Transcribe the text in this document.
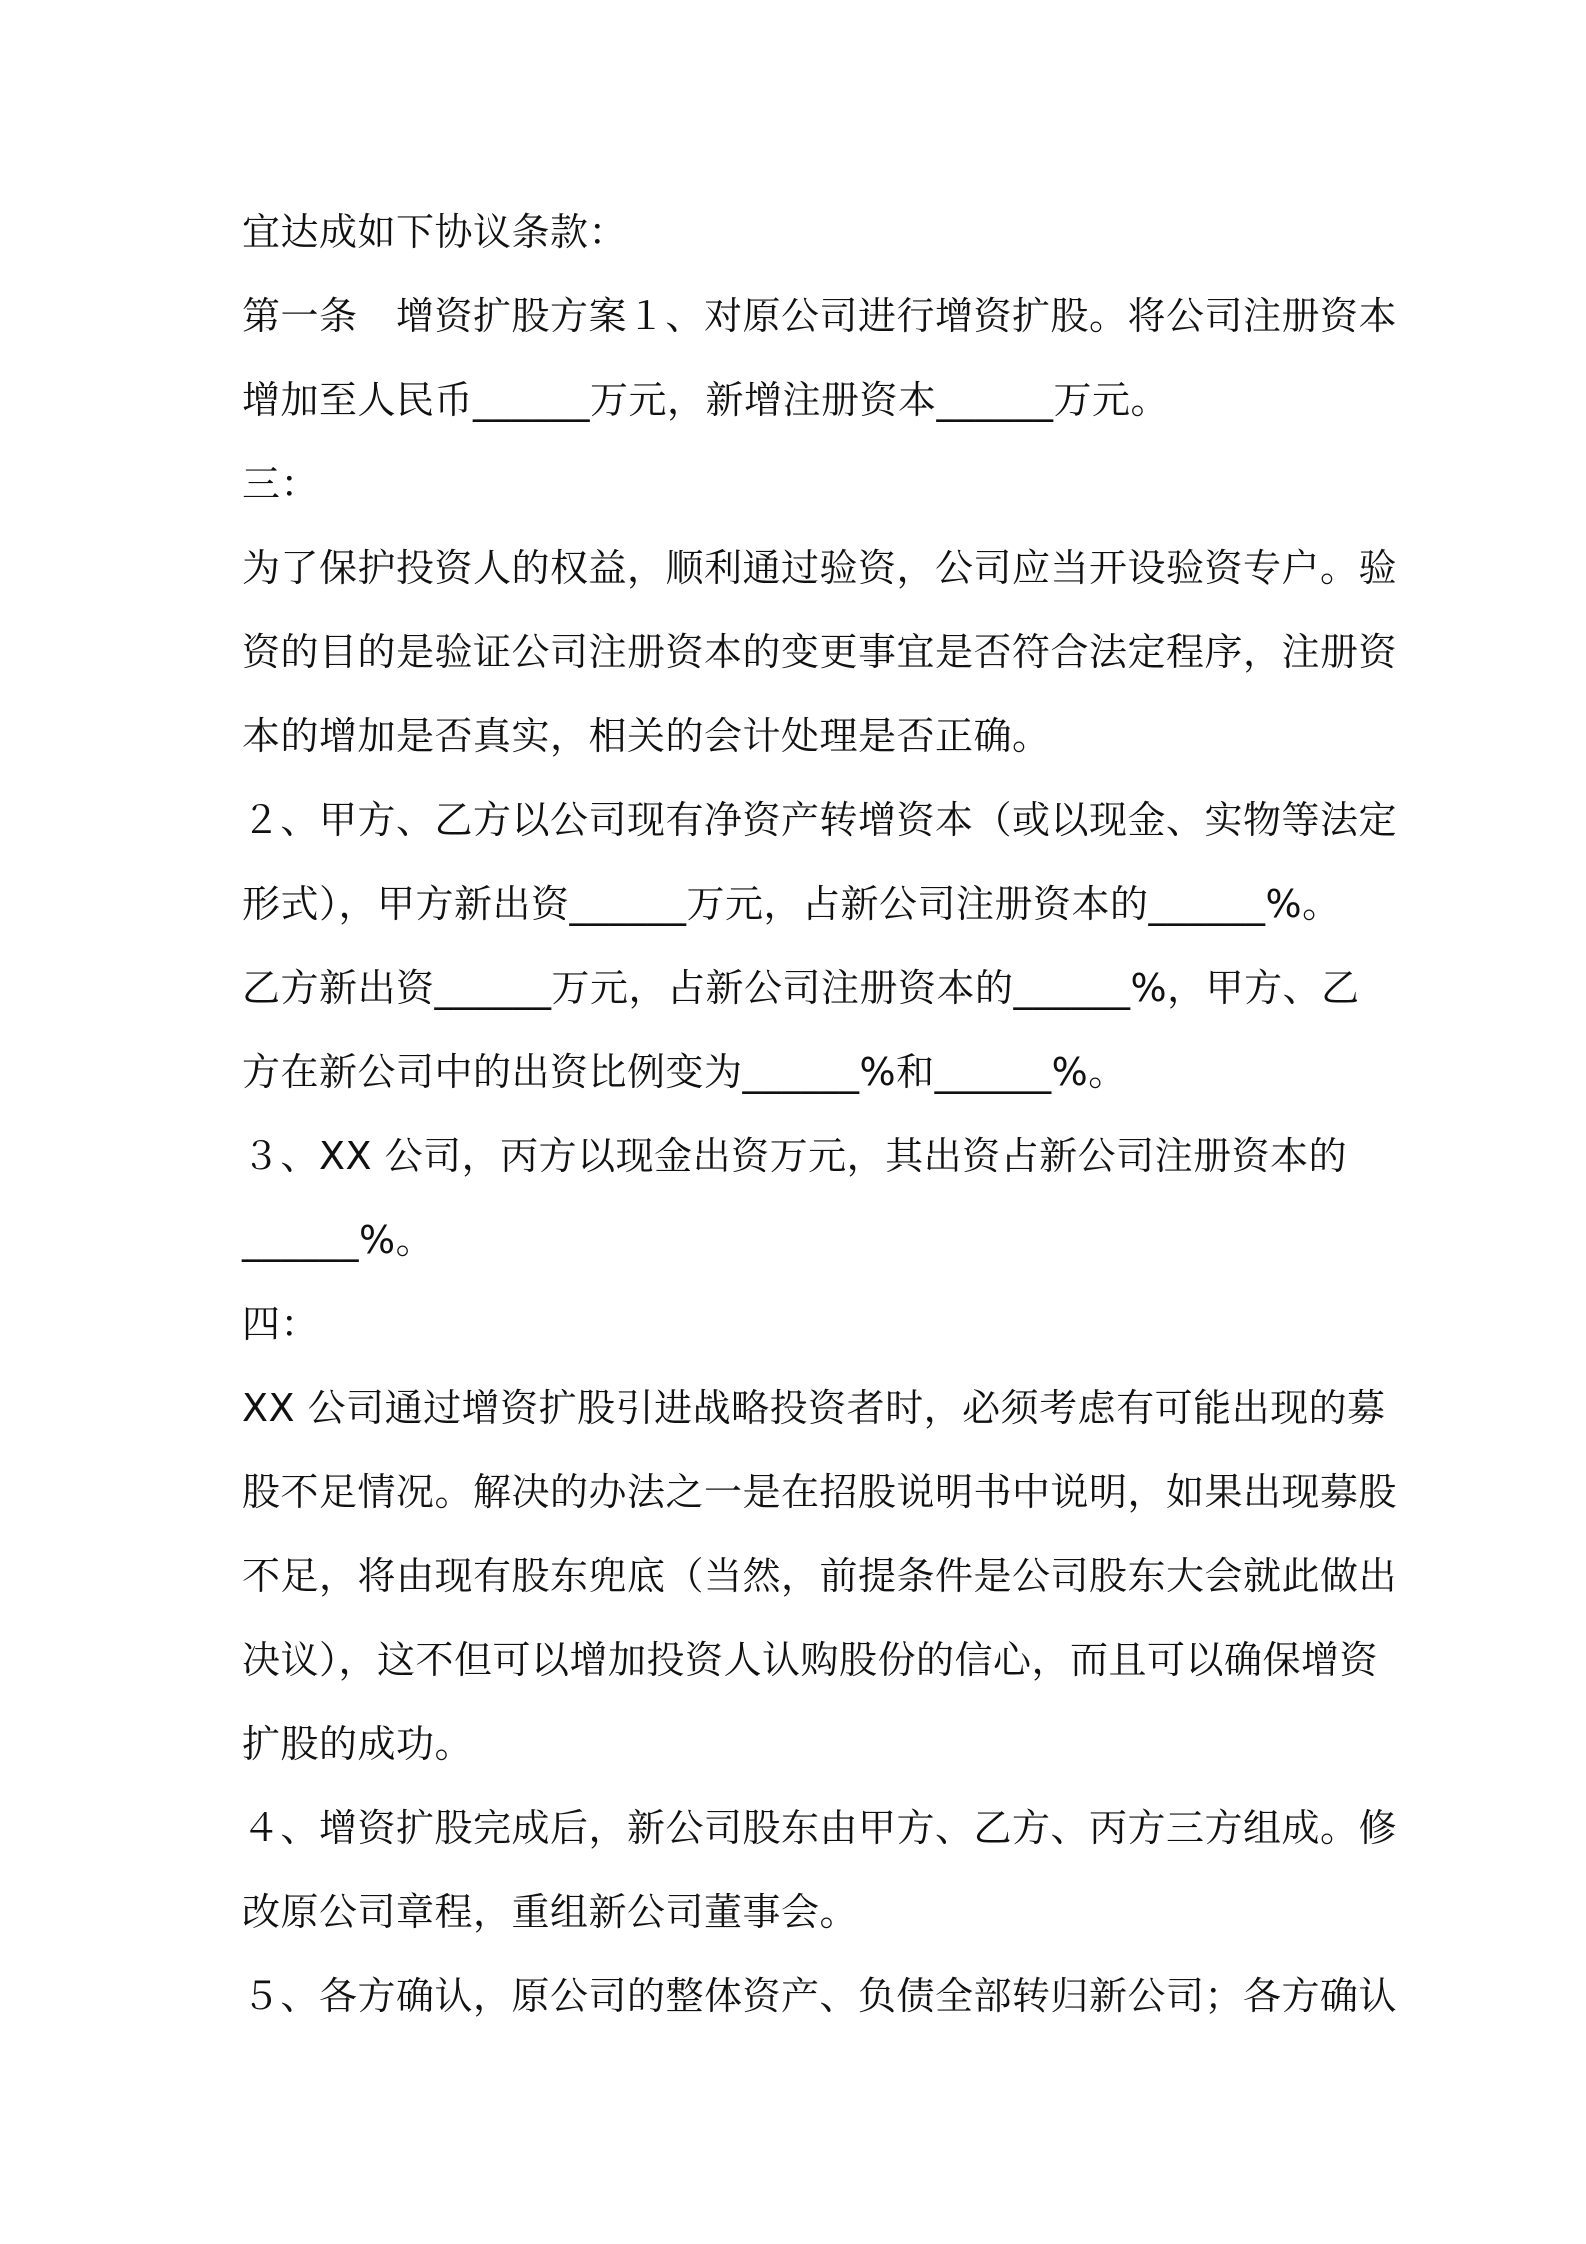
宜达成如下协议条款：
第一条　增资扩股方案１、对原公司进行增资扩股。将公司注册资本
增加至人民币______万元，新增注册资本______万元。
三：
为了保护投资人的权益，顺利通过验资，公司应当开设验资专户。验
资的目的是验证公司注册资本的变更事宜是否符合法定程序，注册资
本的增加是否真实，相关的会计处理是否正确。
２、甲方、乙方以公司现有净资产转增资本（或以现金、实物等法定
形式），甲方新出资______万元，占新公司注册资本的______%。
乙方新出资______万元，占新公司注册资本的______%，甲方、乙
方在新公司中的出资比例变为______%和______%。
３、XX 公司，丙方以现金出资万元，其出资占新公司注册资本的
______%。
四：
XX 公司通过增资扩股引进战略投资者时，必须考虑有可能出现的募
股不足情况。解决的办法之一是在招股说明书中说明，如果出现募股
不足，将由现有股东兜底（当然，前提条件是公司股东大会就此做出
决议），这不但可以增加投资人认购股份的信心，而且可以确保增资
扩股的成功。
４、增资扩股完成后，新公司股东由甲方、乙方、丙方三方组成。修
改原公司章程，重组新公司董事会。
５、各方确认，原公司的整体资产、负债全部转归新公司；各方确认
